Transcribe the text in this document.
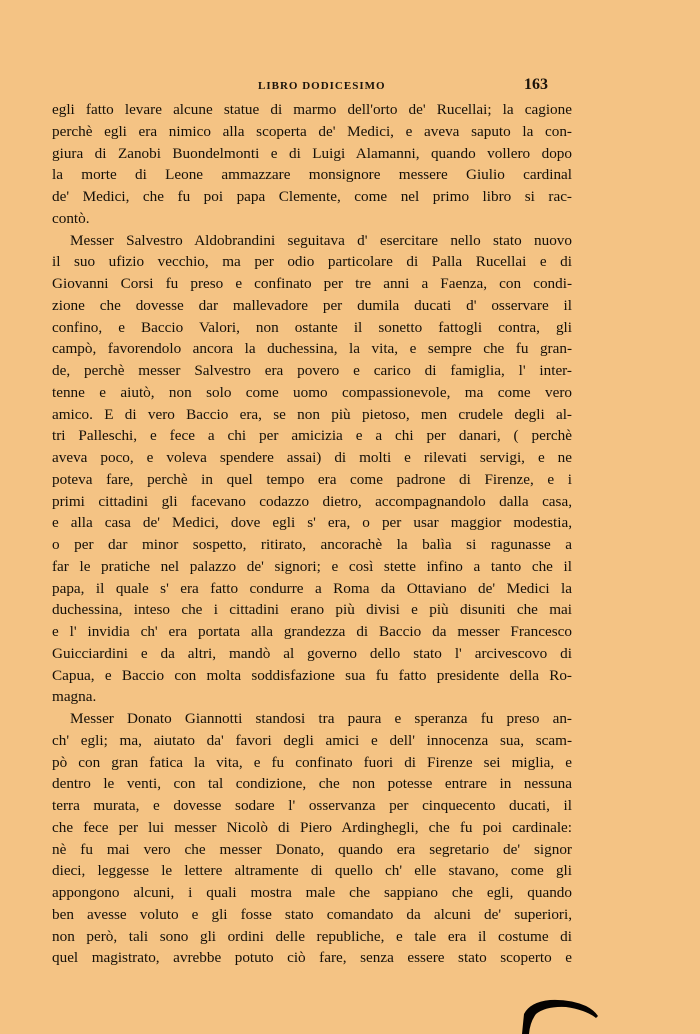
LIBRO DODICESIMO	163
egli fatto levare alcune statue di marmo dell'orto de' Rucellai; la cagione
perchè egli era nimico alla scoperta de' Medici, e aveva saputo la con-
giura di Zanobi Buondelmonti e di Luigi Alamanni, quando vollero dopo
la morte di Leone ammazzare monsignore messere Giulio cardinal
de' Medici, che fu poi papa Clemente, come nel primo libro si rac-
contò.
Messer Salvestro Aldobrandini seguitava d' esercitare nello stato nuovo
il suo ufizio vecchio, ma per odio particolare di Palla Rucellai e di
Giovanni Corsi fu preso e confinato per tre anni a Faenza, con condi-
zione che dovesse dar mallevadore per dumila ducati d' osservare il
confino, e Baccio Valori, non ostante il sonetto fattogli contra, gli
campò, favorendolo ancora la duchessina, la vita, e sempre che fu gran-
de, perchè messer Salvestro era povero e carico di famiglia, l' inter-
tenne e aiutò, non solo come uomo compassionevole, ma come vero
amico. E di vero Baccio era, se non più pietoso, men crudele degli al-
tri Palleschi, e fece a chi per amicizia e a chi per danari, ( perchè
aveva poco, e voleva spendere assai) di molti e rilevati servigi, e ne
poteva fare, perchè in quel tempo era come padrone di Firenze, e i
primi cittadini gli facevano codazzo dietro, accompagnandolo dalla casa,
e alla casa de' Medici, dove egli s' era, o per usar maggior modestia,
o per dar minor sospetto, ritirato, ancorachè la balìa si ragunasse a
far le pratiche nel palazzo de' signori; e così stette infino a tanto che il
papa, il quale s' era fatto condurre a Roma da Ottaviano de' Medici la
duchessina, inteso che i cittadini erano più divisi e più disuniti che mai
e l' invidia ch' era portata alla grandezza di Baccio da messer Francesco
Guicciardini e da altri, mandò al governo dello stato l' arcivescovo di
Capua, e Baccio con molta soddisfazione sua fu fatto presidente della Ro-
magna.
Messer Donato Giannotti standosi tra paura e speranza fu preso an-
ch' egli; ma, aiutato da' favori degli amici e dell' innocenza sua, scam-
pò con gran fatica la vita, e fu confinato fuori di Firenze sei miglia, e
dentro le venti, con tal condizione, che non potesse entrare in nessuna
terra murata, e dovesse sodare l' osservanza per cinquecento ducati, il
che fece per lui messer Nicolò di Piero Ardinghegli, che fu poi cardinale:
nè fu mai vero che messer Donato, quando era segretario de' signor
dieci, leggesse le lettere altramente di quello ch' elle stavano, come gli
appongono alcuni, i quali mostra male che sappiano che egli, quando
ben avesse voluto e gli fosse stato comandato da alcuni de' superiori,
non però, tali sono gli ordini delle republiche, e tale era il costume di
quel magistrato, avrebbe potuto ciò fare, senza essere stato scoperto e
